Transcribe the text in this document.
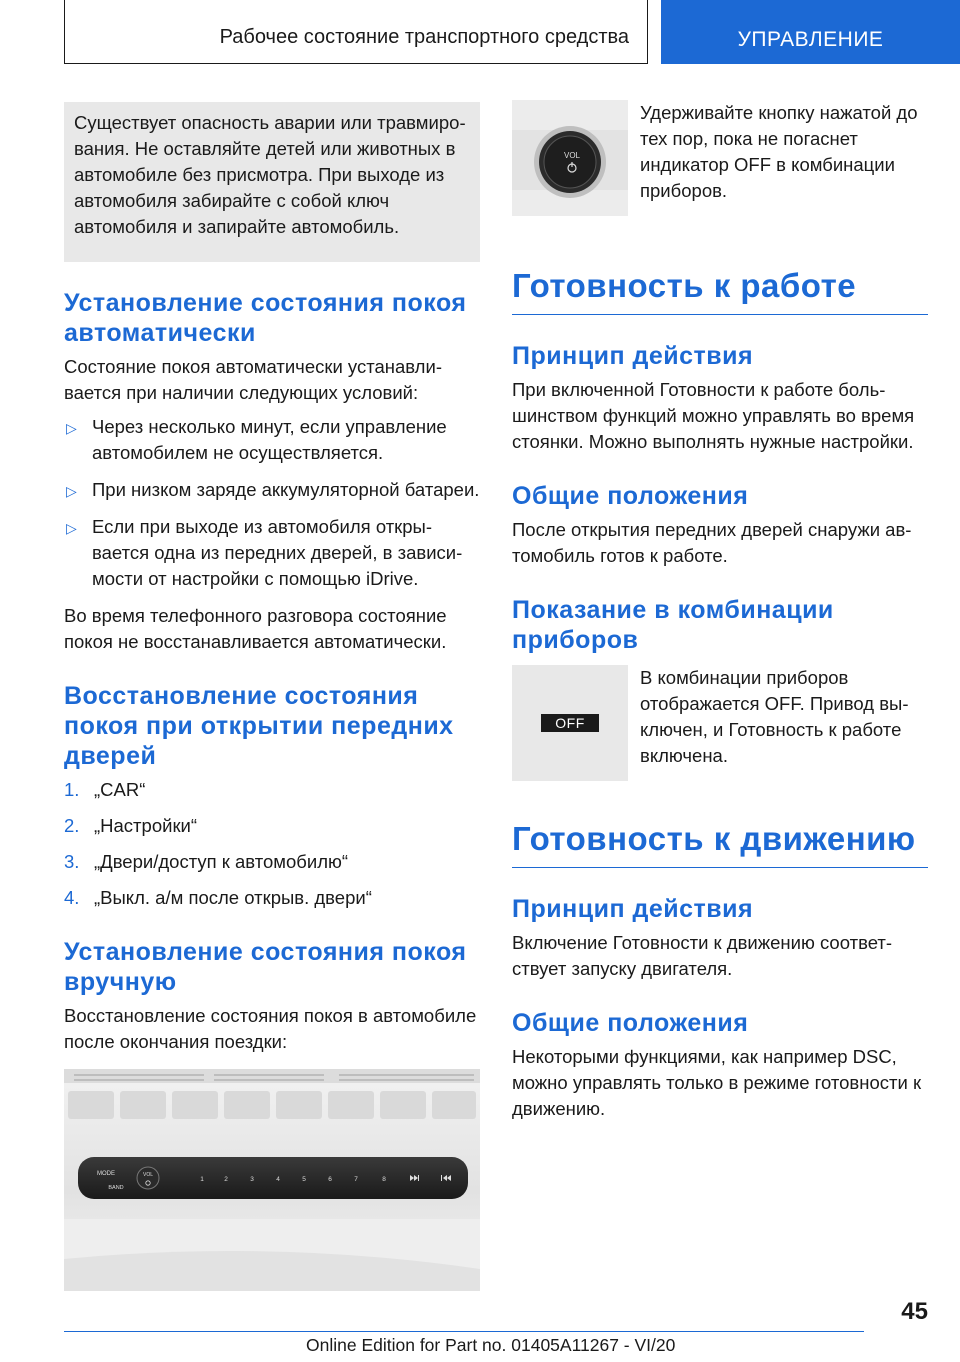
Рабочее состояние транспортного средства	УПРАВЛЕНИЕ
Существует опасность аварии или травмирования. Не оставляйте детей или животных в автомобиле без присмотра. При выходе из автомобиля забирайте с собой ключ автомобиля и запирайте автомобиль.
Установление состояния покоя автоматически

Состояние покоя автоматически устанавливается при наличии следующих условий:

▷ Через несколько минут, если управление автомобилем не осуществляется.
▷ При низком заряде аккумуляторной батареи.
▷ Если при выходе из автомобиля открывается одна из передних дверей, в зависимости от настройки с помощью iDrive.

Во время телефонного разговора состояние покоя не восстанавливается автоматически.

Восстановление состояния покоя при открытии передних дверей
1. „CAR“
2. „Настройки“
3. „Двери/доступ к автомобилю“
4. „Выкл. а/м после открыв. двери“
Установление состояния покоя вручную

Восстановление состояния покоя в автомобиле после окончания поездки:

MODE
BAND
VOL
1	2	3	4	5	6	7	8
VOL
Удерживайте кнопку нажатой до тех пор, пока не погаснет индикатор OFF в комбинации приборов.
Готовность к работе
Принцип действия

При включенной Готовности к работе большинством функций можно управлять во время стоянки. Можно выполнять нужные настройки.

Общие положения

После открытия передних дверей снаружи автомобиль готов к работе.

Показание в комбинации приборов
OFF
В комбинации приборов отображается OFF. Привод выключен, и Готовность к работе включена.
Готовность к движению
Принцип действия

Включение Готовности к движению соответствует запуску двигателя.

Общие положения

Некоторыми функциями, как например DSC, можно управлять только в режиме готовности к движению.

45
Online Edition for Part no. 01405A11267 - VI/20
